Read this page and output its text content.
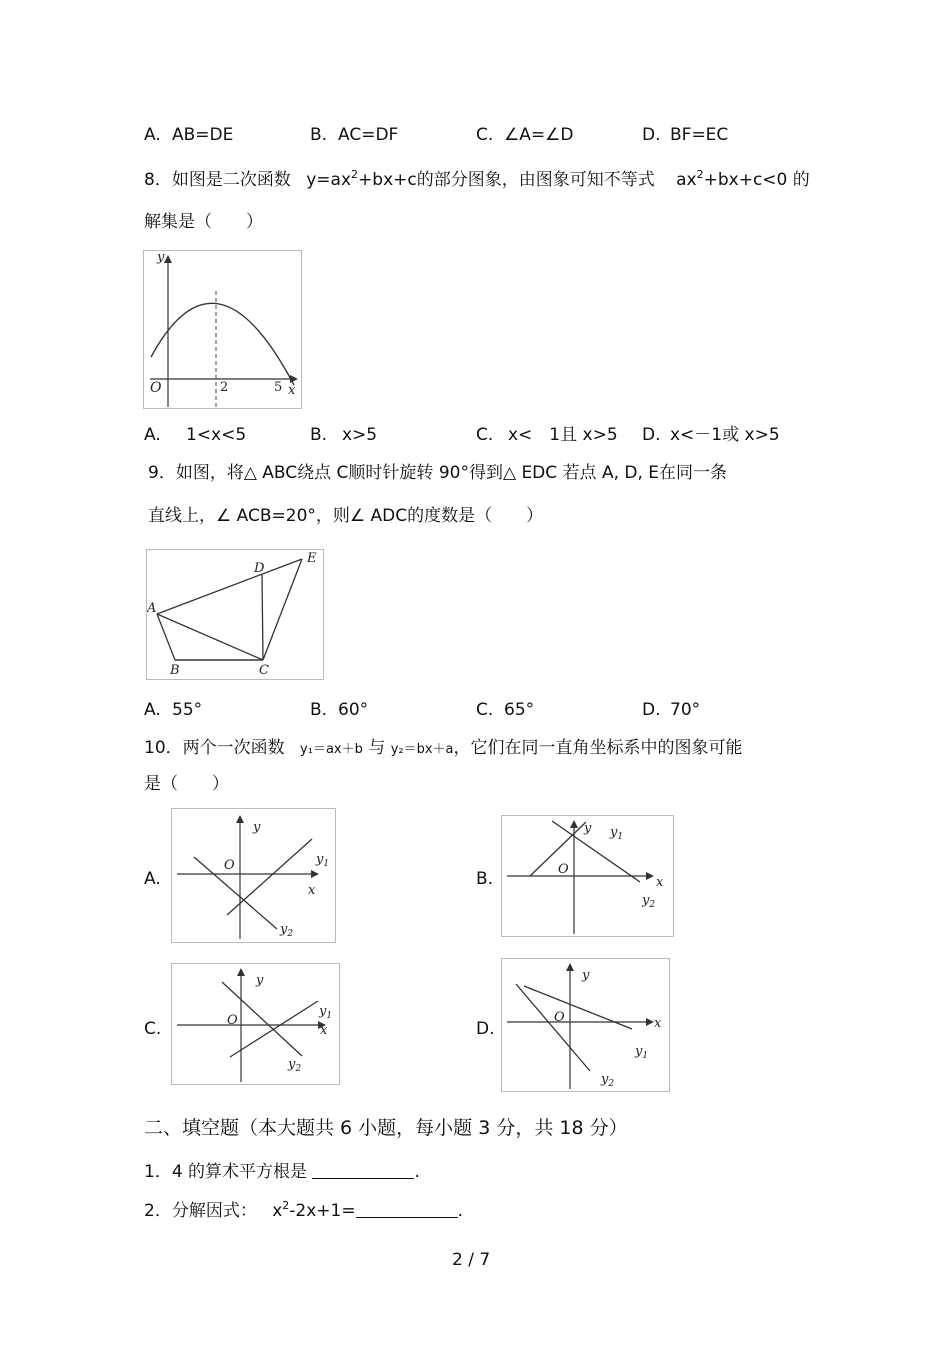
A. AB=DE	B. AC=DF	C. ∠A=∠D	D. BF=EC
8．如图是二次函数 $y=ax^2+bx+c$的部分图象，由图象可知不等式 $ax^2+bx+c<0$ 的
解集是（　　）
y
x
O	2	5
A. 1<x<5	B. x>5	C. x<　1且 x>5 D. x<－1或 x>5
9．如图，将△ ABC绕点 C顺时针旋转 90°得到△ EDC 若点 A, D, E在同一条
直线上，∠ ACB=20°，则∠ ADC的度数是（　　）
A
B	C
D
E
A. 55°	B. 60°	C. 65°	D. 70°
10．两个一次函数 y₁＝ax＋b 与 y₂＝bx＋a，它们在同一直角坐标系中的图象可能
是（　　）
A.
y
x
O	$y_1$
$y_2$
B.
y
x
O
$y_1$
$y_2$
C.
y
x
O
$y_1$
$y_2$
D.
y
x
O
$y_1$
$y_2$
二、填空题（本大题共 6 小题，每小题 3 分，共 18 分）
1．4 的算术平方根是	.
2．分解因式： $x^2-2x+1=$	.
2 / 7
